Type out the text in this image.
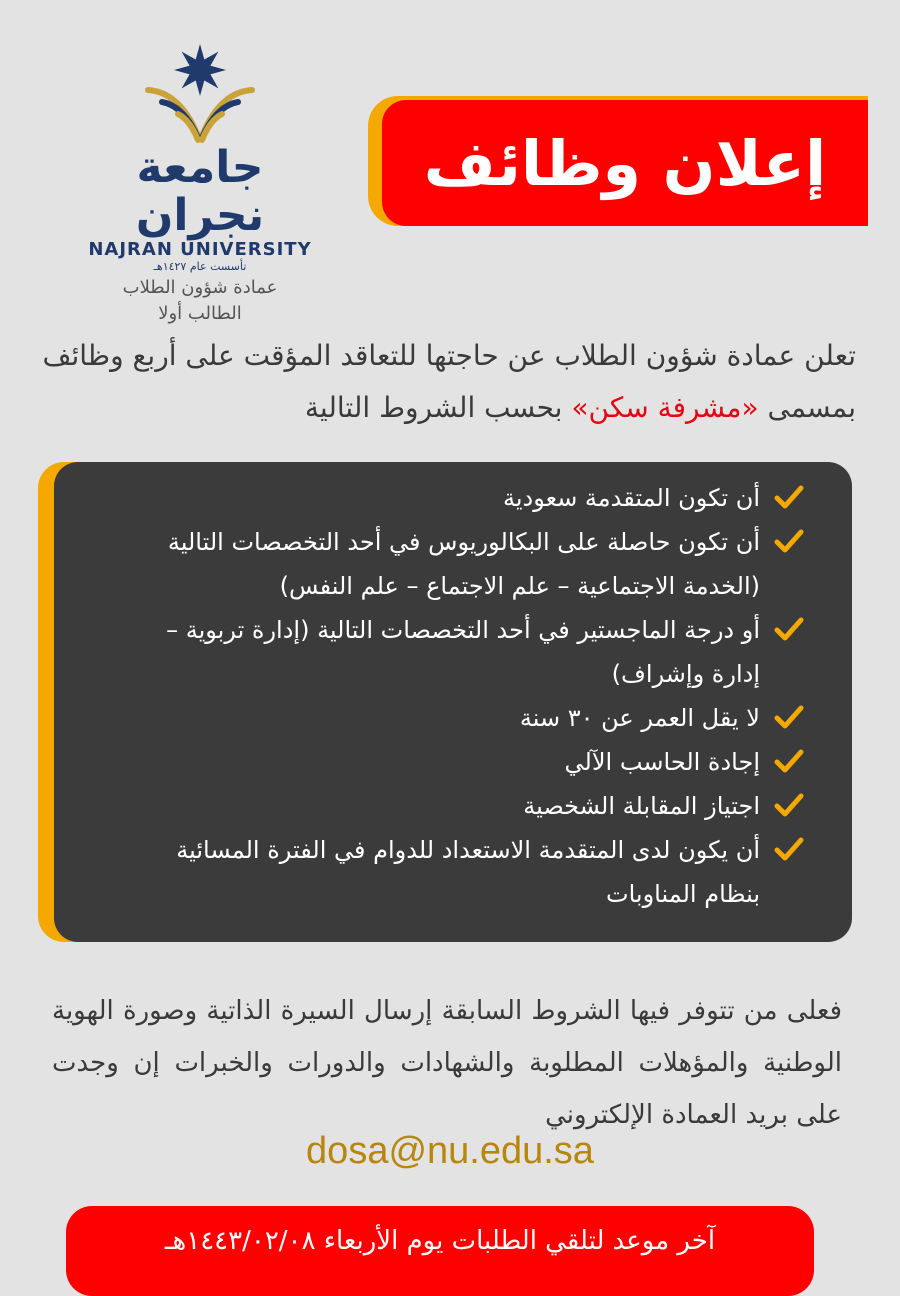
جامعة نجران
NAJRAN UNIVERSITY
تأسست عام ١٤٢٧هـ
عمادة شؤون الطلاب
الطالب أولا
إعلان وظائف
تعلن عمادة شؤون الطلاب عن حاجتها للتعاقد المؤقت على أربع وظائف بمسمى «مشرفة سكن» بحسب الشروط التالية
أن تكون المتقدمة سعودية
أن تكون حاصلة على البكالوريوس في أحد التخصصات التالية (الخدمة الاجتماعية – علم الاجتماع – علم النفس)
أو درجة الماجستير في أحد التخصصات التالية (إدارة تربوية – إدارة وإشراف)
لا يقل العمر عن ٣٠ سنة
إجادة الحاسب الآلي
اجتياز المقابلة الشخصية
أن يكون لدى المتقدمة الاستعداد للدوام في الفترة المسائية بنظام المناوبات
فعلى من تتوفر فيها الشروط السابقة إرسال السيرة الذاتية وصورة الهوية الوطنية والمؤهلات المطلوبة والشهادات والدورات والخبرات إن وجدت على بريد العمادة الإلكتروني
dosa@nu.edu.sa
آخر موعد لتلقي الطلبات يوم الأربعاء ١٤٤٣/٠٢/٠٨هـ
